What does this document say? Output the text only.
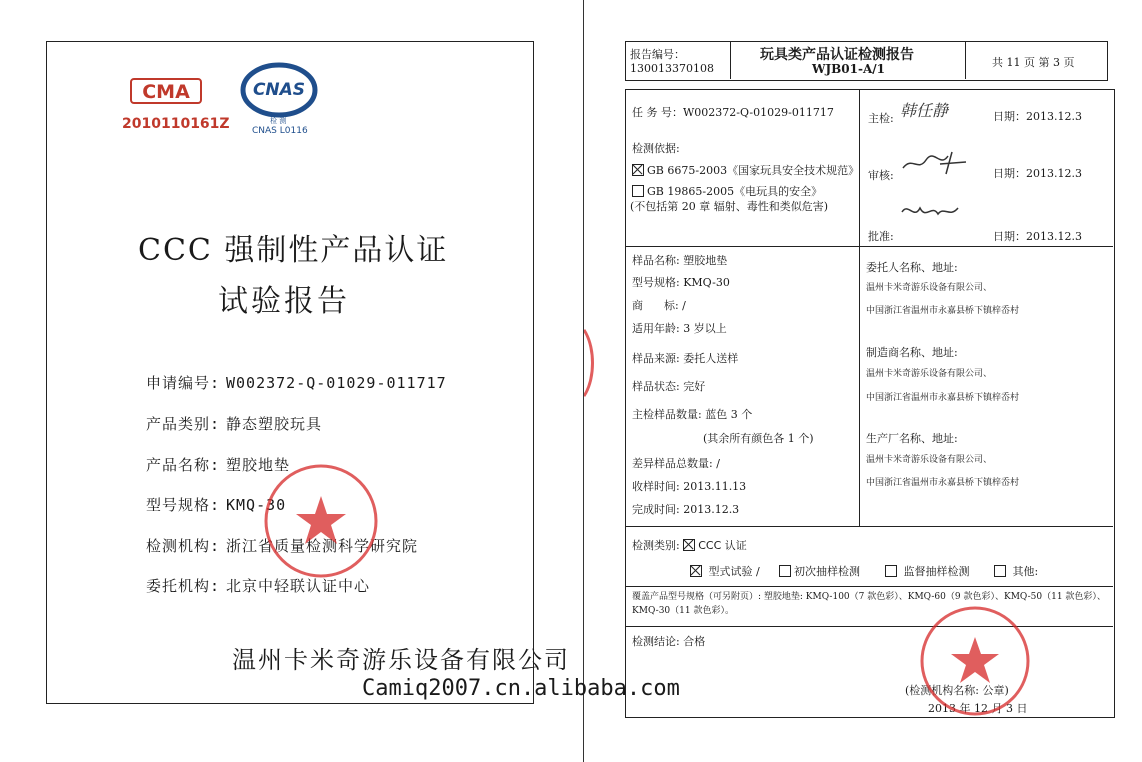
CMA
2010110161Z
CNAS
检 测
CNAS L0116
CCC 强制性产品认证
试验报告
申请编号: W002372-Q-01029-011717
产品类别: 静态塑胶玩具
产品名称: 塑胶地垫
型号规格: KMQ-30
检测机构: 浙江省质量检测科学研究院
委托机构: 北京中轻联认证中心
报告编号：
130013370108
玩具类产品认证检测报告
WJB01-A/1	共 11 页 第 3 页
任 务 号：W002372-Q-01029-011717
检测依据:
GB 6675-2003《国家玩具安全技术规范》
GB 19865-2005《电玩具的安全》
(不包括第 20 章 辐射、毒性和类似危害)
主检: 韩任静	日期：2013.12.3
审核:	日期：2013.12.3
批准:	日期：2013.12.3
样品名称: 塑胶地垫
型号规格: KMQ-30
商      标: /
适用年龄: 3 岁以上
样品来源: 委托人送样
样品状态: 完好
主检样品数量: 蓝色 3 个
(其余所有颜色各 1 个)
差异样品总数量: /
收样时间: 2013.11.13
完成时间: 2013.12.3
委托人名称、地址:
温州卡米奇游乐设备有限公司、
中国浙江省温州市永嘉县桥下镇梓岙村
制造商名称、地址:
温州卡米奇游乐设备有限公司、
中国浙江省温州市永嘉县桥下镇梓岙村
生产厂名称、地址:
温州卡米奇游乐设备有限公司、
中国浙江省温州市永嘉县桥下镇梓岙村
检测类别: CCC 认证
型式试验 /	初次抽样检测	监督抽样检测	其他:
覆盖产品型号规格（可另附页）: 塑胶地垫: KMQ-100（7 款色彩）、KMQ-60（9 款色彩）、KMQ-50（11 款色彩）、KMQ-30（11 款色彩）。
检测结论: 合格
(检测机构名称: 公章)
2013 年 12 月 3 日
温州卡米奇游乐设备有限公司
Camiq2007.cn.alibaba.com
